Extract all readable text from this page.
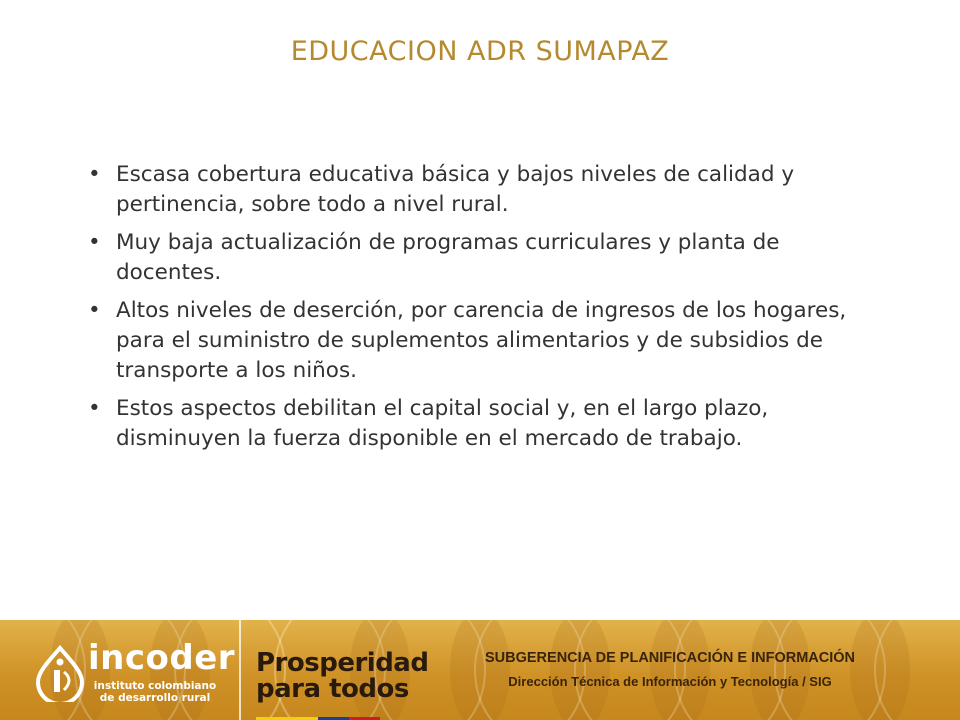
EDUCACION ADR SUMAPAZ
• Escasa cobertura educativa básica y bajos niveles de calidad y pertinencia, sobre todo a nivel rural.
• Muy baja actualización de programas curriculares y planta de docentes.
• Altos niveles de deserción, por carencia de ingresos de los hogares, para el suministro de suplementos alimentarios y de subsidios de transporte a los niños.
• Estos aspectos debilitan el capital social y, en el largo plazo, disminuyen la fuerza disponible en el mercado de trabajo.
incoder
instituto colombiano
de desarrollo rural
Prosperidad
para todos
SUBGERENCIA DE PLANIFICACIÓN E INFORMACIÓN
Dirección Técnica de Información y Tecnología / SIG
